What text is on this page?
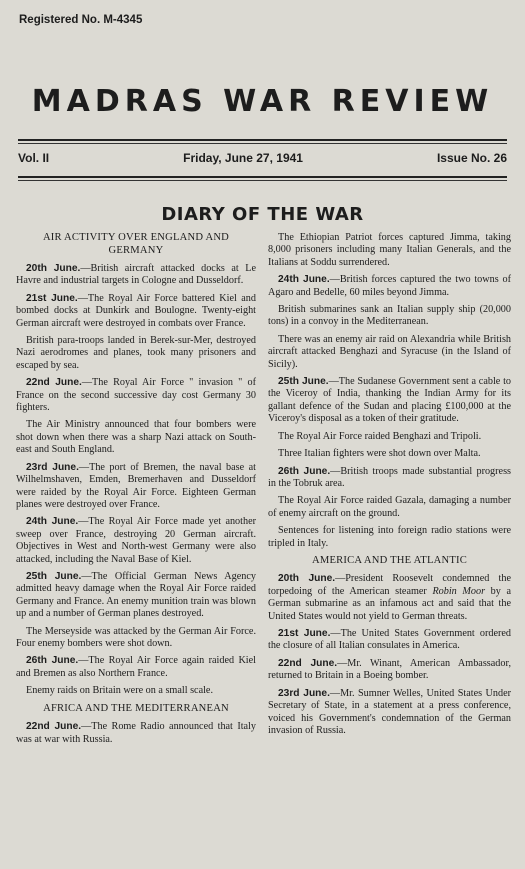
Registered No. M-4345
MADRAS WAR REVIEW
Vol. II	Friday, June 27, 1941	Issue No. 26
DIARY OF THE WAR
AIR ACTIVITY OVER ENGLAND AND GERMANY

20th June.—British aircraft attacked docks at Le Havre and industrial targets in Cologne and Dusseldorf.

21st June.—The Royal Air Force battered Kiel and bombed docks at Dunkirk and Boulogne. Twenty-eight German aircraft were destroyed in combats over France.

British para-troops landed in Berek-sur-Mer, destroyed Nazi aerodromes and planes, took many prisoners and escaped by sea.

22nd June.—The Royal Air Force " invasion " of France on the second successive day cost Germany 30 fighters.

The Air Ministry announced that four bombers were shot down when there was a sharp Nazi attack on South-east and South England.

23rd June.—The port of Bremen, the naval base at Wilhelmshaven, Emden, Bremerhaven and Dusseldorf were raided by the Royal Air Force. Eighteen German planes were destroyed over France.

24th June.—The Royal Air Force made yet another sweep over France, destroying 20 German aircraft. Objectives in West and North-west Germany were also attacked, including the Naval Base of Kiel.

25th June.—The Official German News Agency admitted heavy damage when the Royal Air Force raided Germany and France. An enemy munition train was blown up and a number of German planes destroyed.

The Merseyside was attacked by the German Air Force. Four enemy bombers were shot down.

26th June.—The Royal Air Force again raided Kiel and Bremen as also Northern France.

Enemy raids on Britain were on a small scale.

AFRICA AND THE MEDITERRANEAN

22nd June.—The Rome Radio announced that Italy was at war with Russia.

The Ethiopian Patriot forces captured Jimma, taking 8,000 prisoners including many Italian Generals, and the Italians at Soddu surrendered.

24th June.—British forces captured the two towns of Agaro and Bedelle, 60 miles beyond Jimma.

British submarines sank an Italian supply ship (20,000 tons) in a convoy in the Mediterranean.

There was an enemy air raid on Alexandria while British aircraft attacked Benghazi and Syracuse (in the Island of Sicily).

25th June.—The Sudanese Government sent a cable to the Viceroy of India, thanking the Indian Army for its gallant defence of the Sudan and placing £100,000 at the Viceroy's disposal as a token of their gratitude.

The Royal Air Force raided Benghazi and Tripoli.

Three Italian fighters were shot down over Malta.

26th June.—British troops made substantial progress in the Tobruk area.

The Royal Air Force raided Gazala, damaging a number of enemy aircraft on the ground.

Sentences for listening into foreign radio stations were tripled in Italy.

AMERICA AND THE ATLANTIC

20th June.—President Roosevelt condemned the torpedoing of the American steamer Robin Moor by a German submarine as an infamous act and said that the United States would not yield to German threats.

21st June.—The United States Government ordered the closure of all Italian consulates in America.

22nd June.—Mr. Winant, American Ambassador, returned to Britain in a Boeing bomber.

23rd June.—Mr. Sumner Welles, United States Under Secretary of State, in a statement at a press conference, voiced his Government's condemnation of the German invasion of Russia.
